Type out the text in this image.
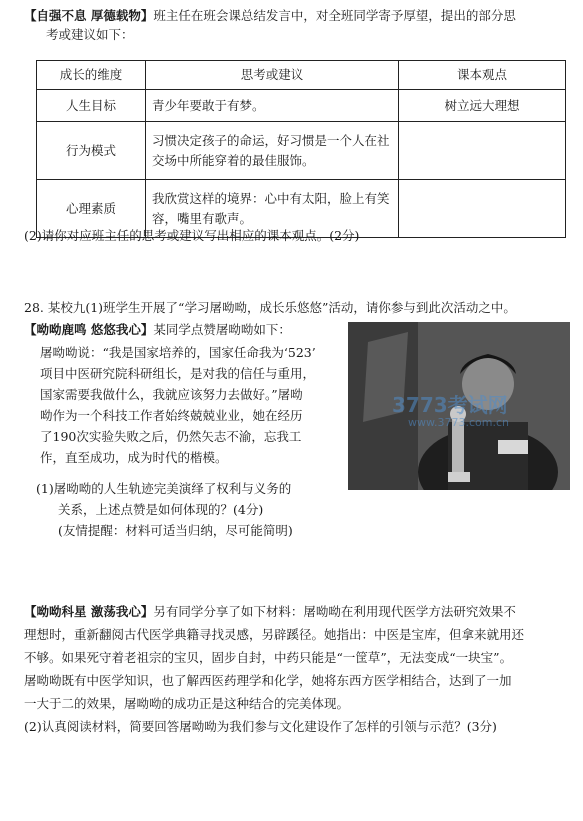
【自强不息 厚德载物】班主任在班会课总结发言中，对全班同学寄予厚望，提出的部分思
考或建议如下：
成长的维度	思考或建议	课本观点
人生目标	青少年要敢于有梦。	树立远大理想
行为模式	习惯决定孩子的命运，好习惯是一个人在社交场中所能穿着的最佳服饰。	
心理素质	我欣赏这样的境界：心中有太阳，脸上有笑容，嘴里有歌声。	
(2)请你对应班主任的思考或建议写出相应的课本观点。(2分)
28. 某校九(1)班学生开展了“学习屠呦呦，成长乐悠悠”活动，请你参与到此次活动之中。
【呦呦鹿鸣 悠悠我心】某同学点赞屠呦呦如下：
屠呦呦说：“我是国家培养的，国家任命我为‘523’
项目中医研究院科研组长，是对我的信任与重用，
国家需要我做什么，我就应该努力去做好。”屠呦
呦作为一个科技工作者始终兢兢业业，她在经历
了190次实验失败之后，仍然矢志不渝，忘我工
作，直至成功，成为时代的楷模。
(1)屠呦呦的人生轨迹完美演绎了权利与义务的
关系，上述点赞是如何体现的？(4分)
(友情提醒：材料可适当归纳，尽可能简明)
3773考试网
www.3773.com.cn
【呦呦科星 激荡我心】另有同学分享了如下材料：屠呦呦在利用现代医学方法研究效果不
理想时，重新翻阅古代医学典籍寻找灵感，另辟蹊径。她指出：中医是宝库，但拿来就用还
不够。如果死守着老祖宗的宝贝，固步自封，中药只能是“一筐草”，无法变成“一块宝”。
屠呦呦既有中医学知识，也了解西医药理学和化学，她将东西方医学相结合，达到了一加
一大于二的效果，屠呦呦的成功正是这种结合的完美体现。
(2)认真阅读材料，简要回答屠呦呦为我们参与文化建设作了怎样的引领与示范？(3分)
